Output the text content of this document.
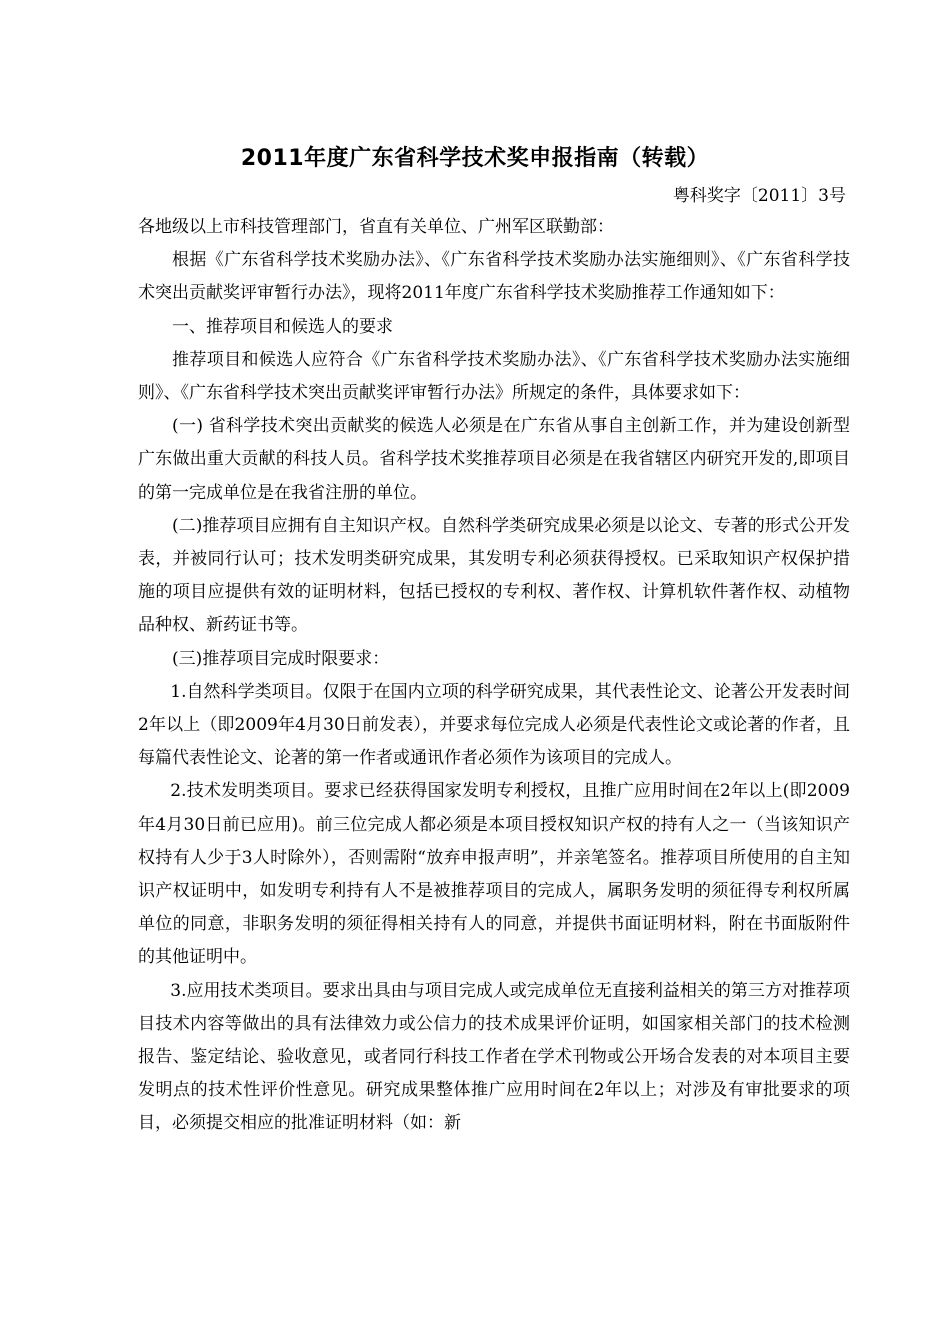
2011年度广东省科学技术奖申报指南（转载）
粤科奖字〔2011〕3号

各地级以上市科技管理部门，省直有关单位、广州军区联勤部：

根据《广东省科学技术奖励办法》、《广东省科学技术奖励办法实施细则》、《广东省科学技术突出贡献奖评审暂行办法》，现将2011年度广东省科学技术奖励推荐工作通知如下：

一、推荐项目和候选人的要求

推荐项目和候选人应符合《广东省科学技术奖励办法》、《广东省科学技术奖励办法实施细则》、《广东省科学技术突出贡献奖评审暂行办法》所规定的条件，具体要求如下：

(一) 省科学技术突出贡献奖的候选人必须是在广东省从事自主创新工作，并为建设创新型广东做出重大贡献的科技人员。省科学技术奖推荐项目必须是在我省辖区内研究开发的,即项目的第一完成单位是在我省注册的单位。

(二)推荐项目应拥有自主知识产权。自然科学类研究成果必须是以论文、专著的形式公开发表，并被同行认可；技术发明类研究成果，其发明专利必须获得授权。已采取知识产权保护措施的项目应提供有效的证明材料，包括已授权的专利权、著作权、计算机软件著作权、动植物品种权、新药证书等。

(三)推荐项目完成时限要求：

1.自然科学类项目。仅限于在国内立项的科学研究成果，其代表性论文、论著公开发表时间2年以上（即2009年4月30日前发表），并要求每位完成人必须是代表性论文或论著的作者，且每篇代表性论文、论著的第一作者或通讯作者必须作为该项目的完成人。

2.技术发明类项目。要求已经获得国家发明专利授权，且推广应用时间在2年以上(即2009年4月30日前已应用)。前三位完成人都必须是本项目授权知识产权的持有人之一（当该知识产权持有人少于3人时除外），否则需附“放弃申报声明”，并亲笔签名。推荐项目所使用的自主知识产权证明中，如发明专利持有人不是被推荐项目的完成人，属职务发明的须征得专利权所属单位的同意，非职务发明的须征得相关持有人的同意，并提供书面证明材料，附在书面版附件的其他证明中。

3.应用技术类项目。要求出具由与项目完成人或完成单位无直接利益相关的第三方对推荐项目技术内容等做出的具有法律效力或公信力的技术成果评价证明，如国家相关部门的技术检测报告、鉴定结论、验收意见，或者同行科技工作者在学术刊物或公开场合发表的对本项目主要发明点的技术性评价性意见。研究成果整体推广应用时间在2年以上；对涉及有审批要求的项目，必须提交相应的批准证明材料（如：新
